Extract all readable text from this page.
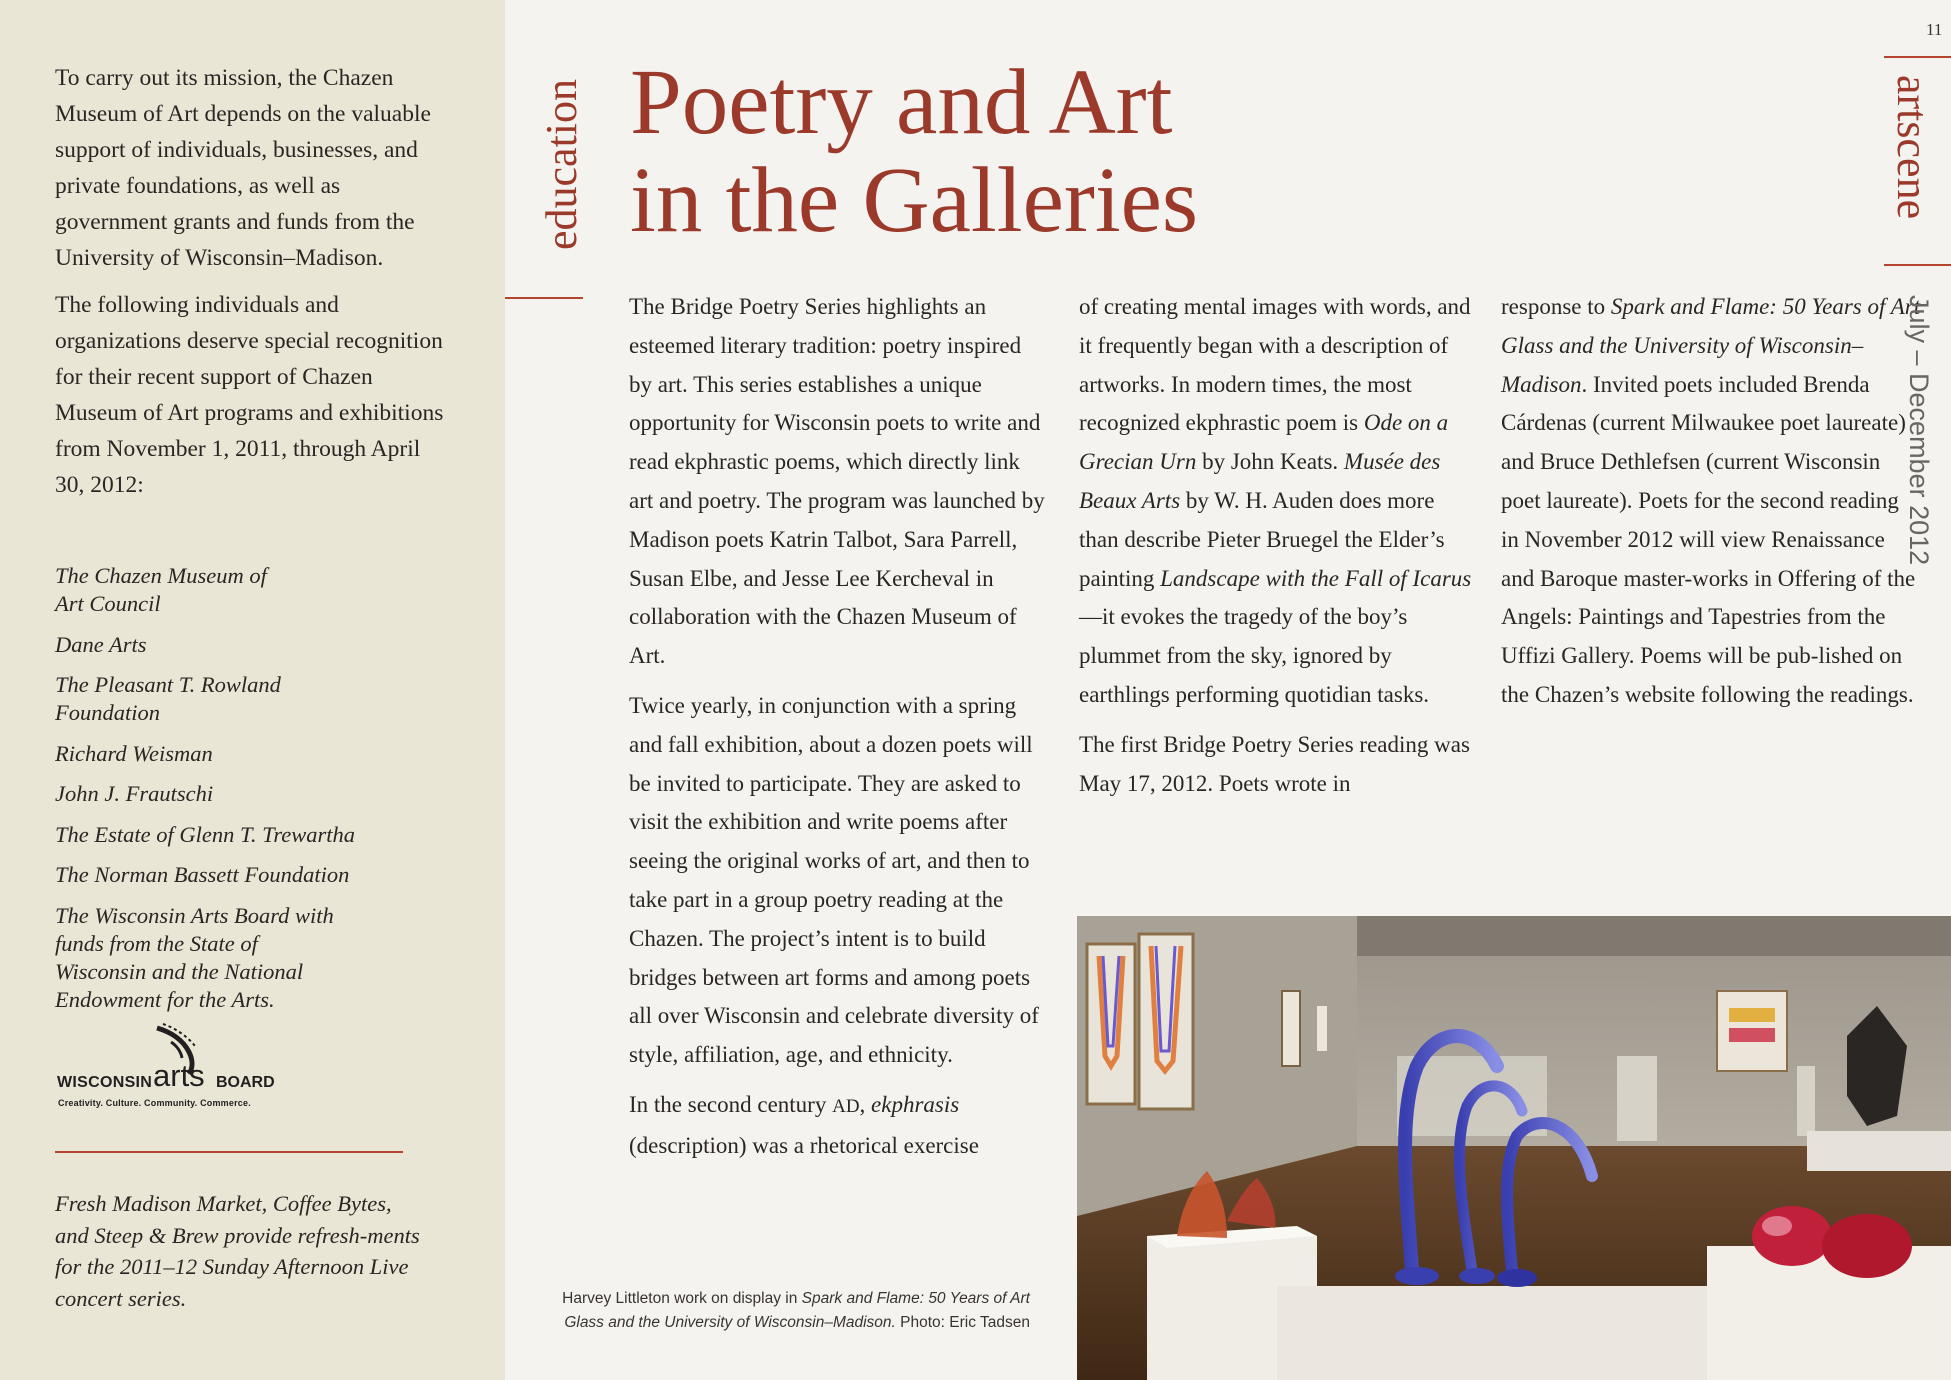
To carry out its mission, the Chazen Museum of Art depends on the valuable support of individuals, businesses, and private foundations, as well as government grants and funds from the University of Wisconsin–Madison.

The following individuals and organizations deserve special recognition for their recent support of Chazen Museum of Art programs and exhibitions from November 1, 2011, through April 30, 2012:

The Chazen Museum of Art Council
Dane Arts
The Pleasant T. Rowland Foundation
Richard Weisman
John J. Frautschi
The Estate of Glenn T. Trewartha
The Norman Bassett Foundation
The Wisconsin Arts Board with funds from the State of Wisconsin and the National Endowment for the Arts.
WISCONSIN arts BOARD
Creativity. Culture. Community. Commerce.
Fresh Madison Market, Coffee Bytes, and Steep & Brew provide refresh-ments for the 2011–12 Sunday Afternoon Live concert series.
education Poetry and Art
in the Galleries

The Bridge Poetry Series highlights an esteemed literary tradition: poetry inspired by art. This series establishes a unique opportunity for Wisconsin poets to write and read ekphrastic poems, which directly link art and poetry. The program was launched by Madison poets Katrin Talbot, Sara Parrell, Susan Elbe, and Jesse Lee Kercheval in collaboration with the Chazen Museum of Art.

Twice yearly, in conjunction with a spring and fall exhibition, about a dozen poets will be invited to participate. They are asked to visit the exhibition and write poems after seeing the original works of art, and then to take part in a group poetry reading at the Chazen. The project’s intent is to build bridges between art forms and among poets all over Wisconsin and celebrate diversity of style, affiliation, age, and ethnicity.

In the second century AD, ekphrasis (description) was a rhetorical exercise

of creating mental images with words, and it frequently began with a description of artworks. In modern times, the most recognized ekphrastic poem is Ode on a Grecian Urn by John Keats. Musée des Beaux Arts by W. H. Auden does more than describe Pieter Bruegel the Elder’s painting Landscape with the Fall of Icarus—it evokes the tragedy of the boy’s plummet from the sky, ignored by earthlings performing quotidian tasks.

The first Bridge Poetry Series reading was May 17, 2012. Poets wrote in

response to Spark and Flame: 50 Years of Art Glass and the University of Wisconsin–Madison. Invited poets included Brenda Cárdenas (current Milwaukee poet laureate) and Bruce Dethlefsen (current Wisconsin poet laureate). Poets for the second reading in November 2012 will view Renaissance and Baroque master-works in Offering of the Angels: Paintings and Tapestries from the Uffizi Gallery. Poems will be pub-lished on the Chazen’s website following the readings.

Harvey Littleton work on display in Spark and Flame: 50 Years of Art Glass and the University of Wisconsin–Madison. Photo: Eric Tadsen
11
artscene
July – December 2012
